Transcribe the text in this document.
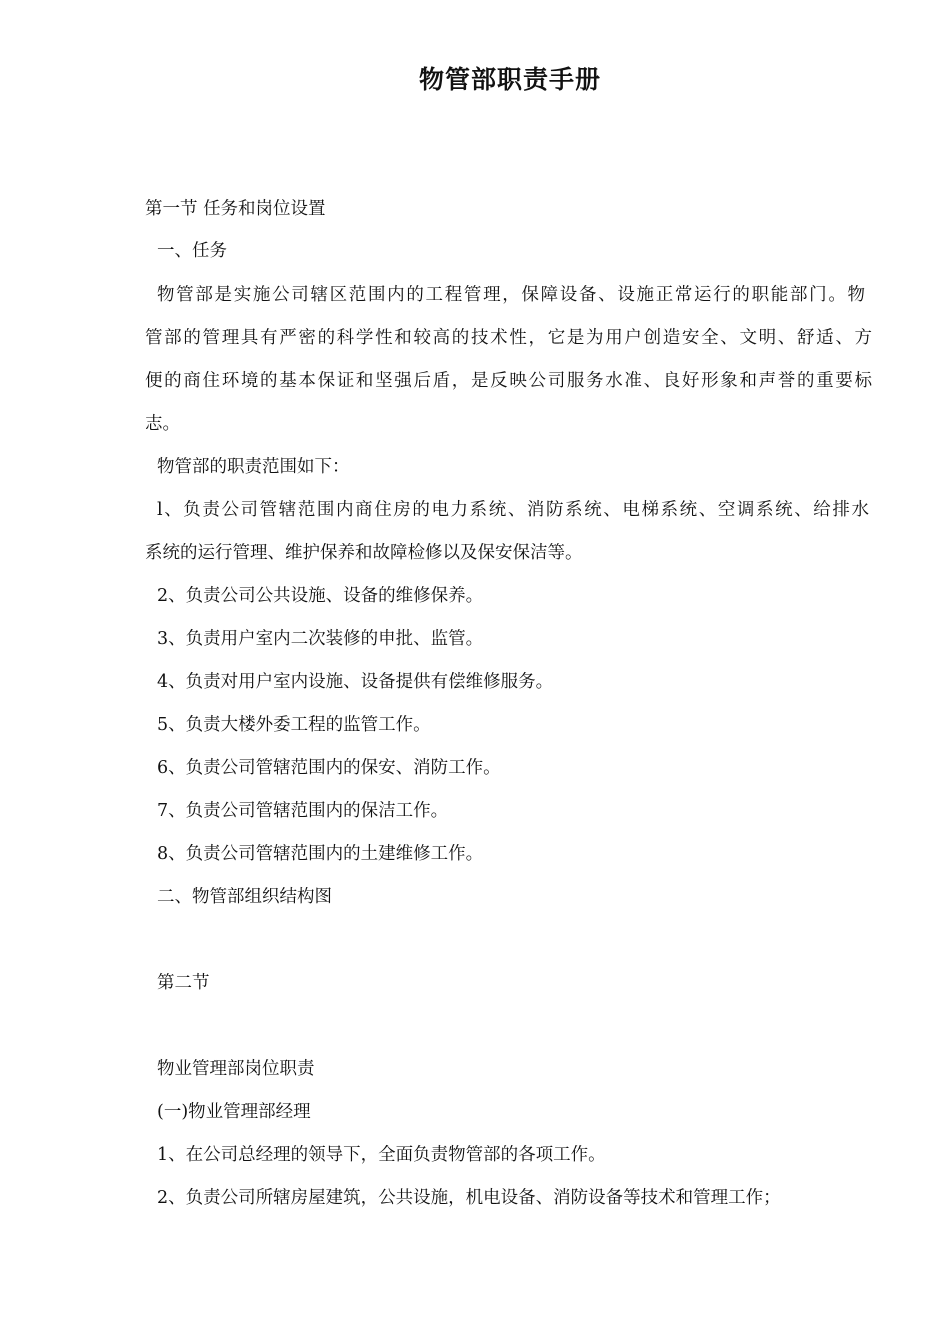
物管部职责手册

第一节 任务和岗位设置

一、任务

物管部是实施公司辖区范围内的工程管理，保障设备、设施正常运行的职能部门。物

管部的管理具有严密的科学性和较高的技术性，它是为用户创造安全、文明、舒适、方

便的商住环境的基本保证和坚强后盾，是反映公司服务水准、良好形象和声誉的重要标

志。

物管部的职责范围如下：

l、负责公司管辖范围内商住房的电力系统、消防系统、电梯系统、空调系统、给排水

系统的运行管理、维护保养和故障检修以及保安保洁等。

2、负责公司公共设施、设备的维修保养。

3、负责用户室内二次装修的申批、监管。

4、负责对用户室内设施、设备提供有偿维修服务。

5、负责大楼外委工程的监管工作。

6、负责公司管辖范围内的保安、消防工作。

7、负责公司管辖范围内的保洁工作。

8、负责公司管辖范围内的土建维修工作。

二、物管部组织结构图

第二节

物业管理部岗位职责

(一)物业管理部经理

1、在公司总经理的领导下，全面负责物管部的各项工作。

2、负责公司所辖房屋建筑，公共设施，机电设备、消防设备等技术和管理工作；
